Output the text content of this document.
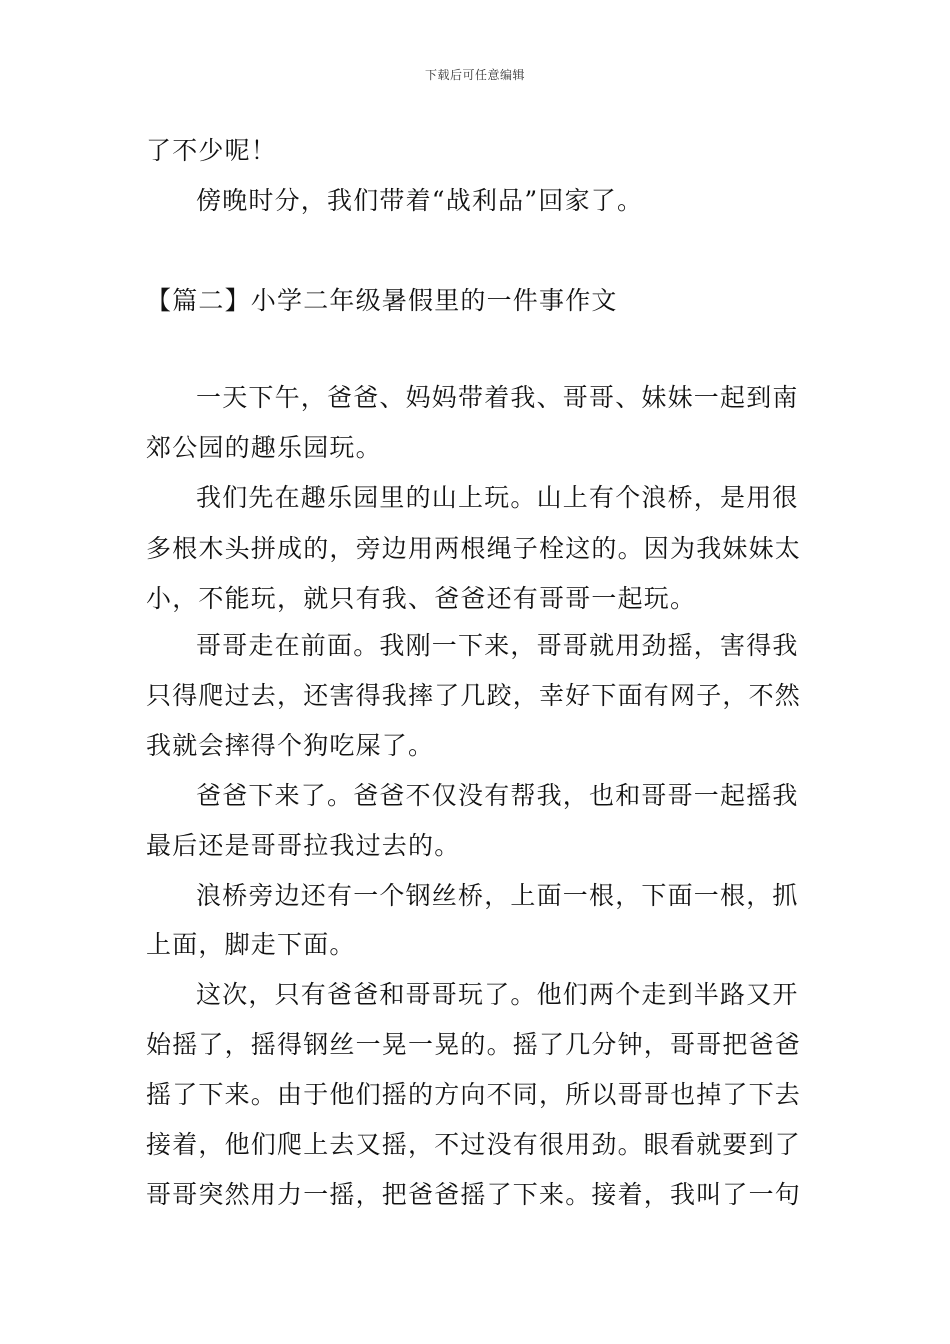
下载后可任意编辑
了不少呢！
傍晚时分，我们带着“战利品”回家了。
【篇二】小学二年级暑假里的一件事作文
一天下午，爸爸、妈妈带着我、哥哥、妹妹一起到南
郊公园的趣乐园玩。
我们先在趣乐园里的山上玩。山上有个浪桥，是用很
多根木头拼成的，旁边用两根绳子栓这的。因为我妹妹太
小，不能玩，就只有我、爸爸还有哥哥一起玩。
哥哥走在前面。我刚一下来，哥哥就用劲摇，害得我
只得爬过去，还害得我摔了几跤，幸好下面有网子，不然
我就会摔得个狗吃屎了。
爸爸下来了。爸爸不仅没有帮我，也和哥哥一起摇我
最后还是哥哥拉我过去的。
浪桥旁边还有一个钢丝桥，上面一根，下面一根，抓
上面，脚走下面。
这次，只有爸爸和哥哥玩了。他们两个走到半路又开
始摇了，摇得钢丝一晃一晃的。摇了几分钟，哥哥把爸爸
摇了下来。由于他们摇的方向不同，所以哥哥也掉了下去
接着，他们爬上去又摇，不过没有很用劲。眼看就要到了
哥哥突然用力一摇，把爸爸摇了下来。接着，我叫了一句
